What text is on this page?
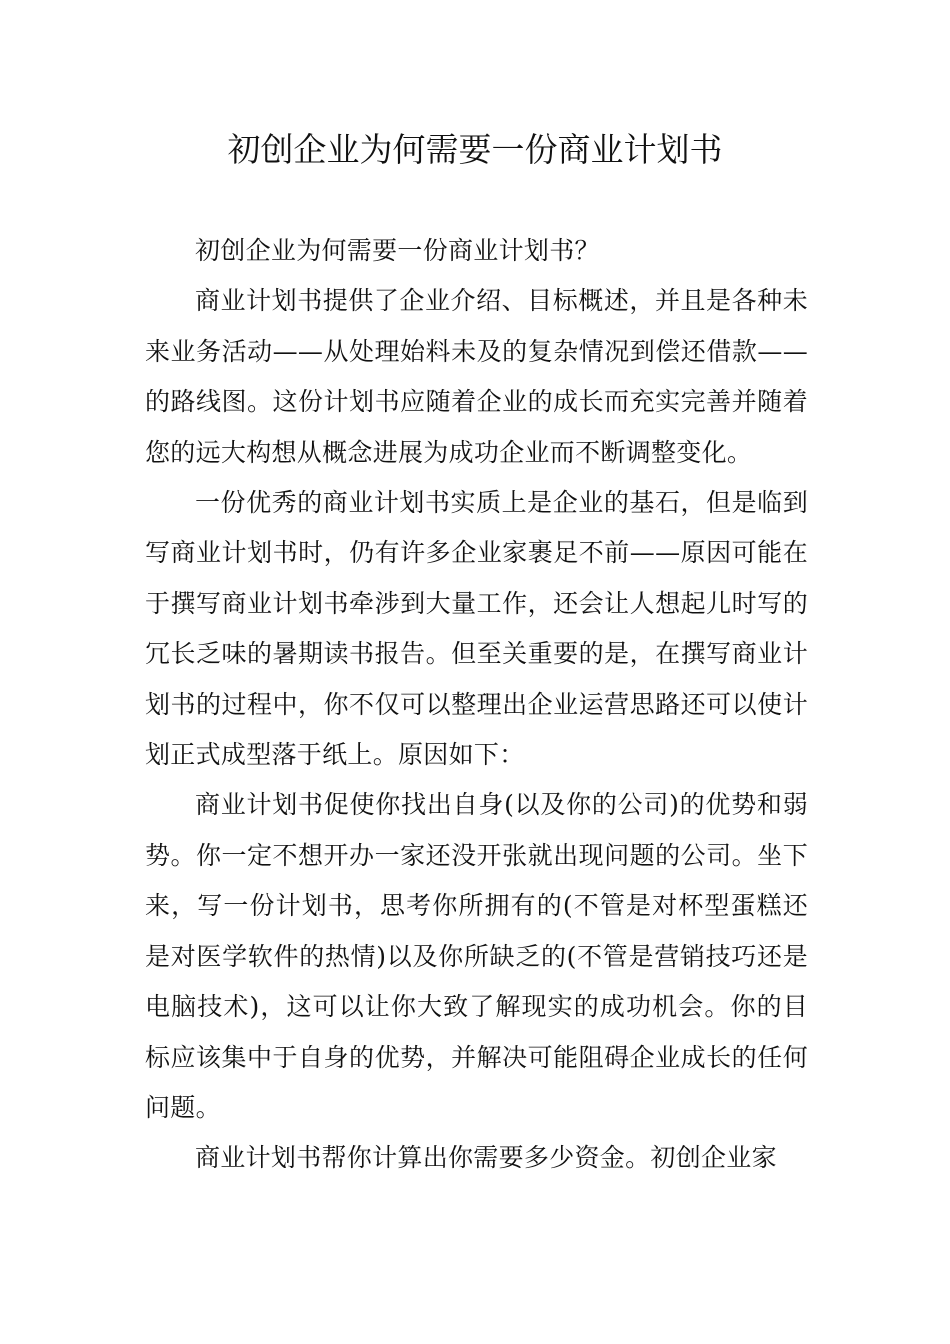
初创企业为何需要一份商业计划书

初创企业为何需要一份商业计划书？

商业计划书提供了企业介绍、目标概述，并且是各种未来业务活动——从处理始料未及的复杂情况到偿还借款——的路线图。这份计划书应随着企业的成长而充实完善并随着您的远大构想从概念进展为成功企业而不断调整变化。

一份优秀的商业计划书实质上是企业的基石，但是临到写商业计划书时，仍有许多企业家裹足不前——原因可能在于撰写商业计划书牵涉到大量工作，还会让人想起儿时写的冗长乏味的暑期读书报告。但至关重要的是，在撰写商业计划书的过程中，你不仅可以整理出企业运营思路还可以使计划正式成型落于纸上。原因如下：

商业计划书促使你找出自身(以及你的公司)的优势和弱势。你一定不想开办一家还没开张就出现问题的公司。坐下来，写一份计划书，思考你所拥有的(不管是对杯型蛋糕还是对医学软件的热情)以及你所缺乏的(不管是营销技巧还是电脑技术)，这可以让你大致了解现实的成功机会。你的目标应该集中于自身的优势，并解决可能阻碍企业成长的任何问题。

商业计划书帮你计算出你需要多少资金。初创企业家
